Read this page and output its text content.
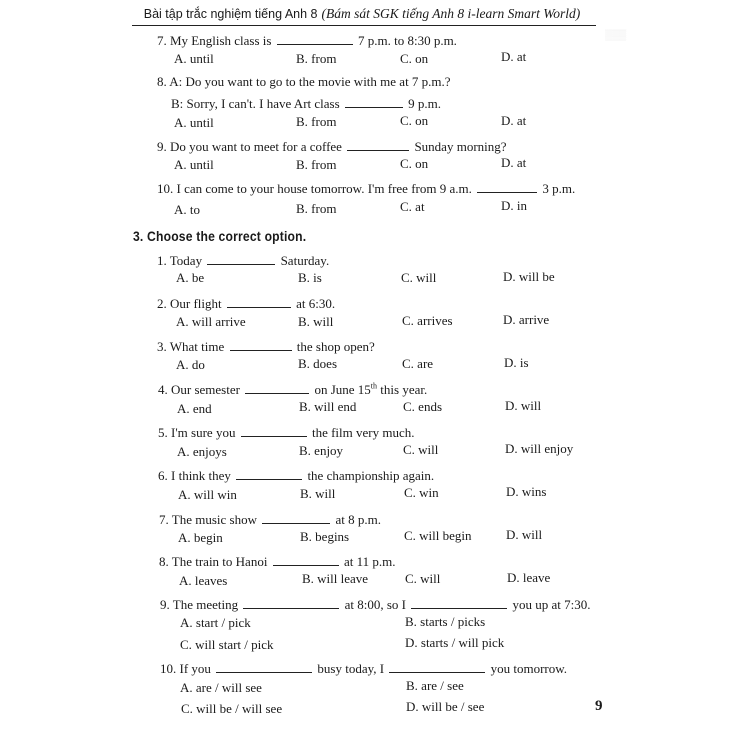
Bài tập trắc nghiệm tiếng Anh 8 (Bám sát SGK tiếng Anh 8 i-learn Smart World)
▒▒▒
7. My English class is	7 p.m. to 8:30 p.m.
A. until	B. from	C. on	D. at
8. A: Do you want to go to the movie with me at 7 p.m.?
B: Sorry, I can't. I have Art class	9 p.m.
A. until	B. from	C. on	D. at
9. Do you want to meet for a coffee	Sunday morning?
A. until	B. from	C. on	D. at
10. I can come to your house tomorrow. I'm free from 9 a.m.	3 p.m.
A. to	B. from	C. at	D. in
3. Choose the correct option.
1. Today	Saturday.
A. be	B. is	C. will	D. will be
2. Our flight	at 6:30.
A. will arrive	B. will	C. arrives	D. arrive
3. What time	the shop open?
A. do	B. does	C. are	D. is
4. Our semester	on June 15th this year.
A. end	B. will end	C. ends	D. will
5. I'm sure you	the film very much.
A. enjoys	B. enjoy	C. will	D. will enjoy
6. I think they	the championship again.
A. will win	B. will	C. win	D. wins
7. The music show	at 8 p.m.
A. begin	B. begins	C. will begin	D. will
8. The train to Hanoi	at 11 p.m.
A. leaves	B. will leave	C. will	D. leave
9. The meeting	at 8:00, so I	you up at 7:30.
A. start / pick	B. starts / picks
C. will start / pick	D. starts / will pick
10. If you	busy today, I	you tomorrow.
A. are / will see	B. are / see
C. will be / will see	D. will be / see	9
